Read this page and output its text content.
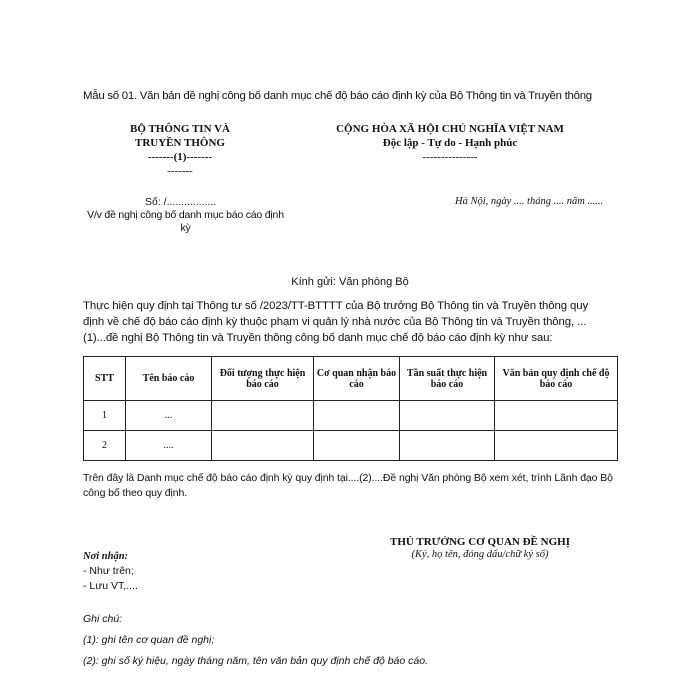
Mẫu số 01. Văn bản đề nghị công bố danh mục chế độ báo cáo định kỳ của Bộ Thông tin và Truyền thông
BỘ THÔNG TIN VÀ
TRUYỀN THÔNG
-------(1)-------
-------
CỘNG HÒA XÃ HỘI CHỦ NGHĨA VIỆT NAM
Độc lập - Tự do - Hạnh phúc
---------------
Số: /.................
V/v đề nghị công bố danh mục báo cáo định kỳ
Hà Nội, ngày .... tháng .... năm ......
Kính gửi: Văn phòng Bộ
Thực hiện quy định tại Thông tư số /2023/TT-BTTTT của Bộ trưởng Bộ Thông tin và Truyền thông quy
định về chế độ báo cáo định kỳ thuộc phạm vi quản lý nhà nước của Bộ Thông tin và Truyền thông, ...
(1)...đề nghị Bộ Thông tin và Truyền thông công bố danh mục chế độ báo cáo định kỳ như sau:
STT	Tên báo cáo	Đối tượng thực hiện báo cáo	Cơ quan nhận báo cáo	Tần suất thực hiện báo cáo	Văn bản quy định chế độ báo cáo
1	...				
2	....				
Trên đây là Danh mục chế độ báo cáo định kỳ quy định tại....(2)....Đề nghị Văn phòng Bộ xem xét, trình Lãnh đạo Bộ công bố theo quy định.
THỦ TRƯỞNG CƠ QUAN ĐỀ NGHỊ
(Ký, họ tên, đóng dấu/chữ ký số)
Nơi nhận:
- Như trên;
- Lưu VT,....
Ghi chú:
(1): ghi tên cơ quan đề nghị;
(2): ghi số ký hiệu, ngày tháng năm, tên văn bản quy định chế độ báo cáo.
